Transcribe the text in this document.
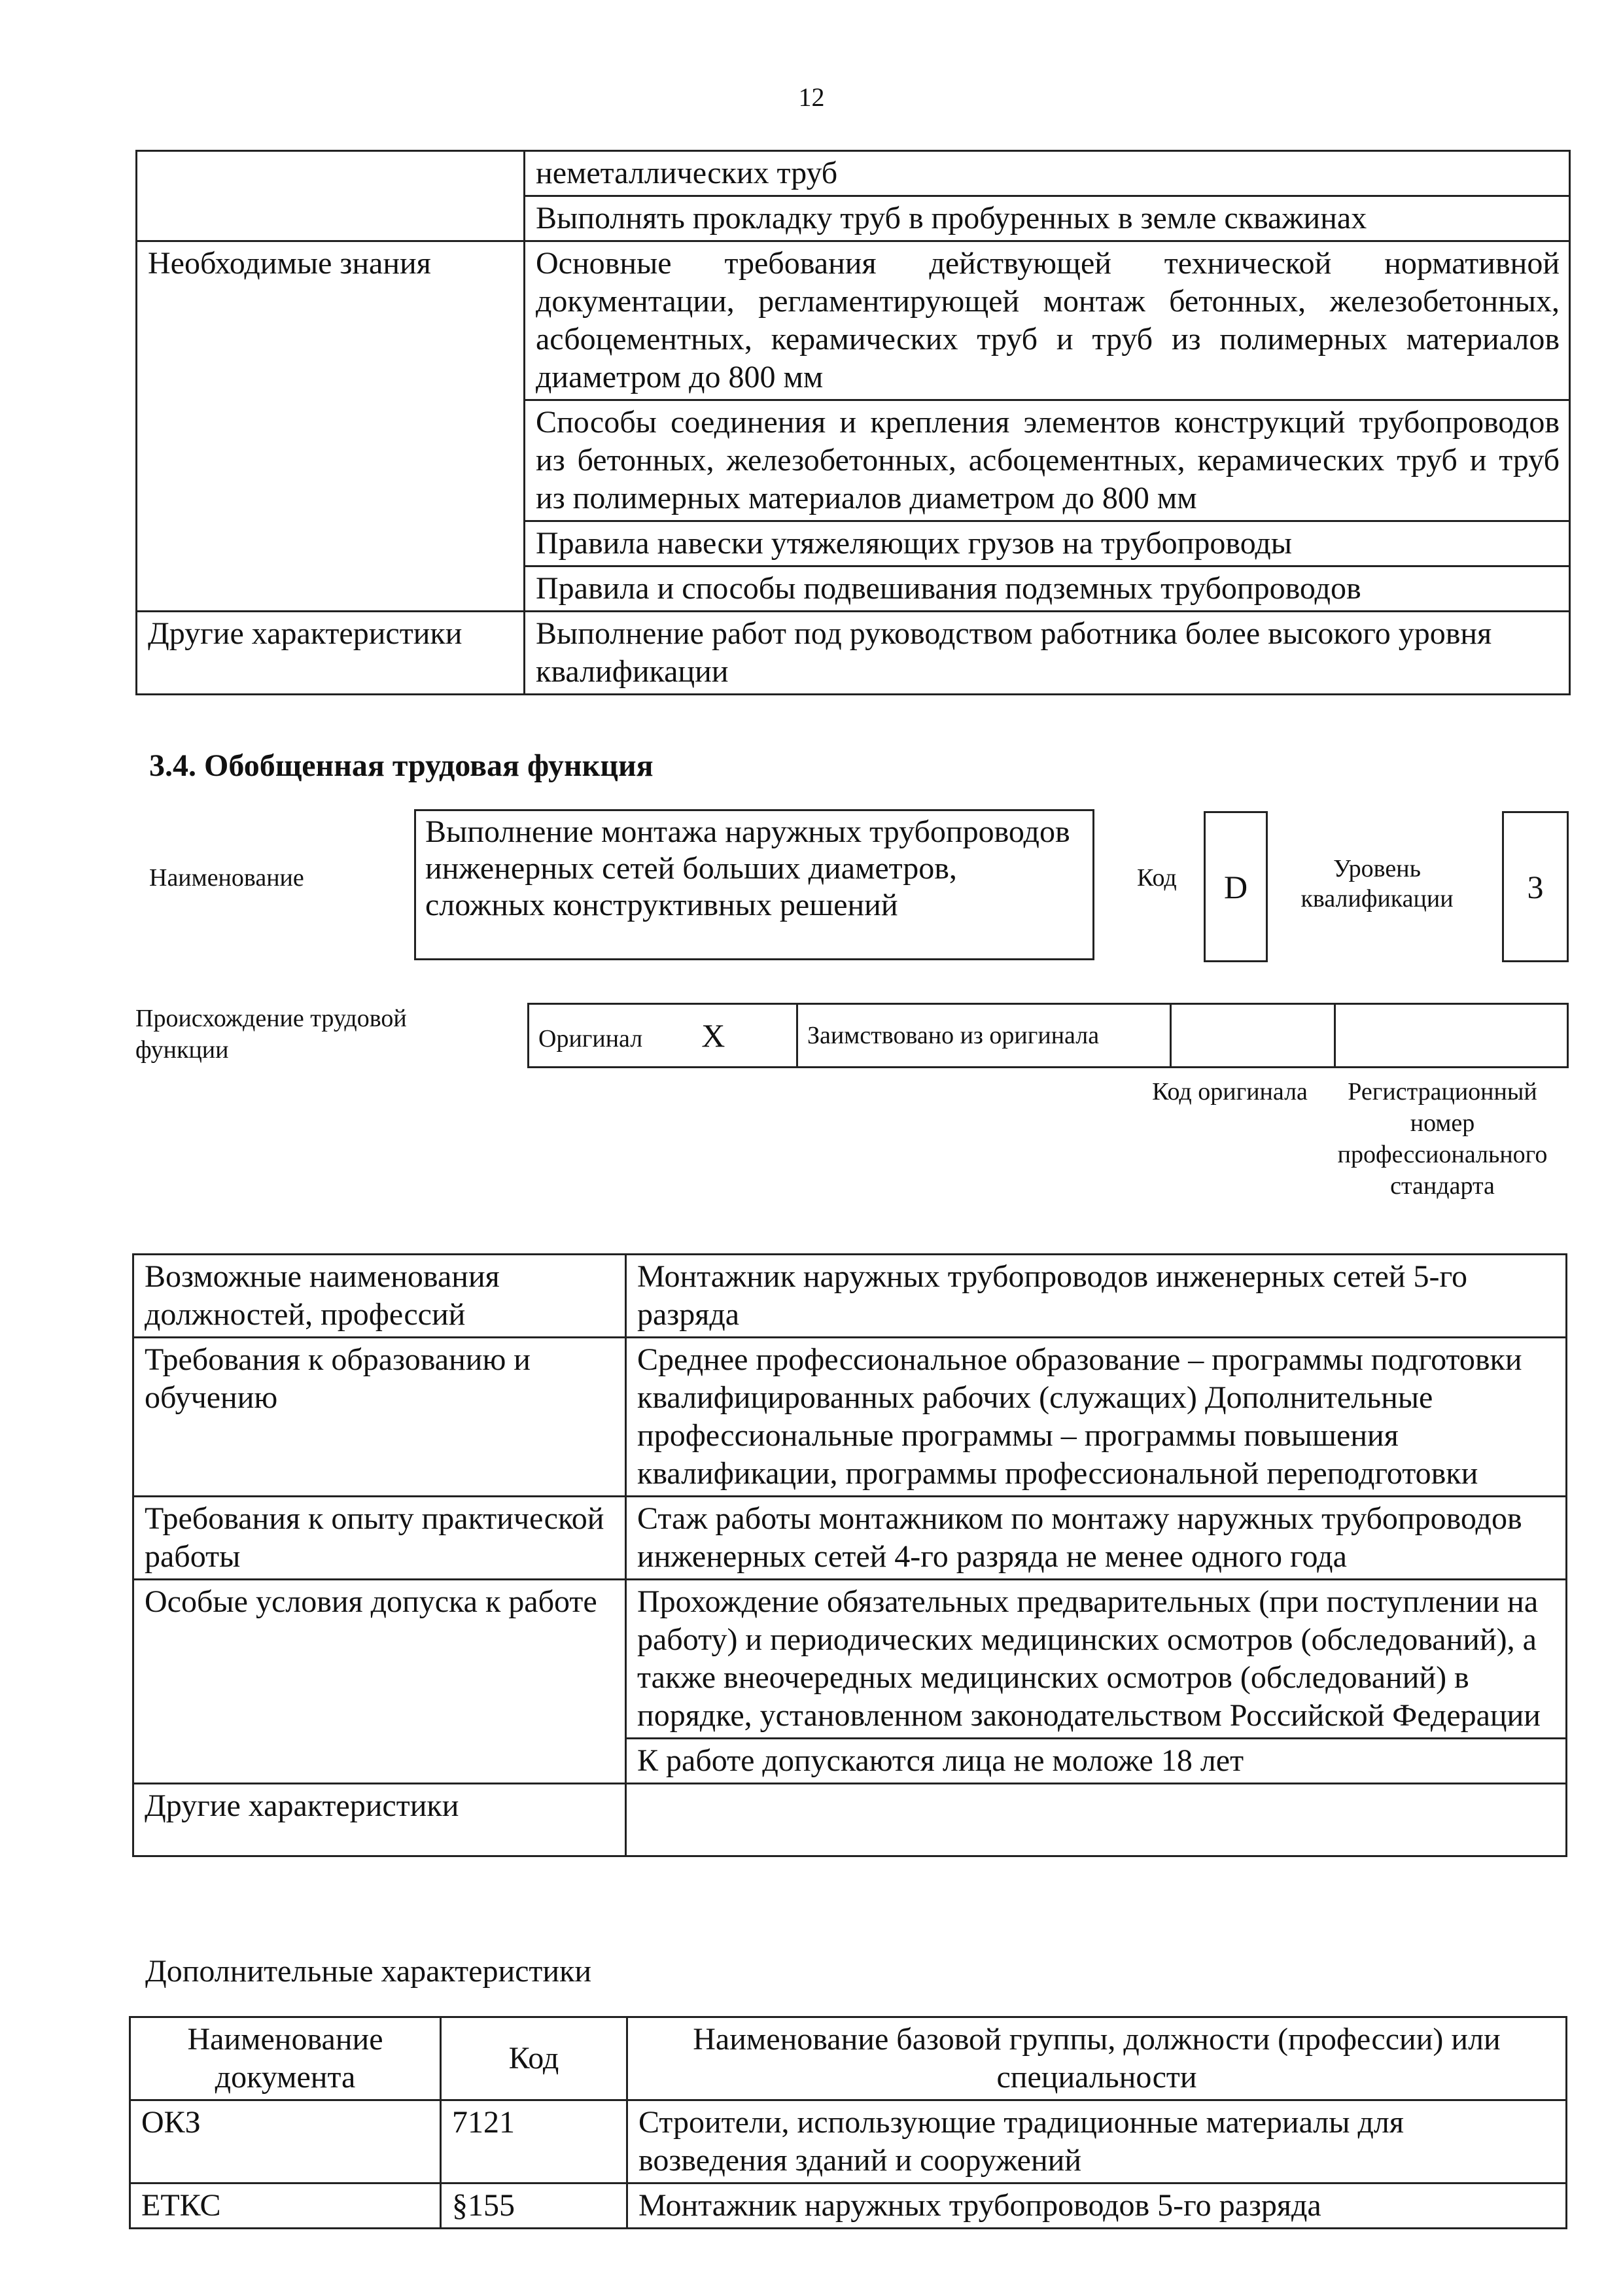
12
	неметаллических труб
	Выполнять прокладку труб в пробуренных в земле скважинах
Необходимые знания	Основные требования действующей технической нормативной документации, регламентирующей монтаж бетонных, железобетонных, асбоцементных, керамических труб и труб из полимерных материалов диаметром до 800 мм
	Способы соединения и крепления элементов конструкций трубопроводов из бетонных, железобетонных, асбоцементных, керамических труб и труб из полимерных материалов диаметром до 800 мм
	Правила навески утяжеляющих грузов на трубопроводы
	Правила и способы подвешивания подземных трубопроводов
Другие характеристики	Выполнение работ под руководством работника более высокого уровня квалификации
3.4. Обобщенная трудовая функция
Наименование
Выполнение монтажа наружных трубопроводов инженерных сетей больших диаметров, сложных конструктивных решений
Код D	Уровень квалификации	3
Происхождение трудовой функции	Оригинал X	Заимствовано из оригинала		
Код оригинала	Регистрационный номер профессионального стандарта
Возможные наименования должностей, профессий	Монтажник наружных трубопроводов инженерных сетей 5-го разряда
Требования к образованию и обучению	Среднее профессиональное образование – программы подготовки квалифицированных рабочих (служащих) Дополнительные профессиональные программы – программы повышения квалификации, программы профессиональной переподготовки
Требования к опыту практической работы	Стаж работы монтажником по монтажу наружных трубопроводов инженерных сетей 4-го разряда не менее одного года
Особые условия допуска к работе	Прохождение обязательных предварительных (при поступлении на работу) и периодических медицинских осмотров (обследований), а также внеочередных медицинских осмотров (обследований) в порядке, установленном законодательством Российской Федерации
	К работе допускаются лица не моложе 18 лет
Другие характеристики	
Дополнительные характеристики
Наименование документа	Код	Наименование базовой группы, должности (профессии) или специальности
ОКЗ	7121	Строители, использующие традиционные материалы для возведения зданий и сооружений
ЕТКС	§155	Монтажник наружных трубопроводов 5-го разряда
